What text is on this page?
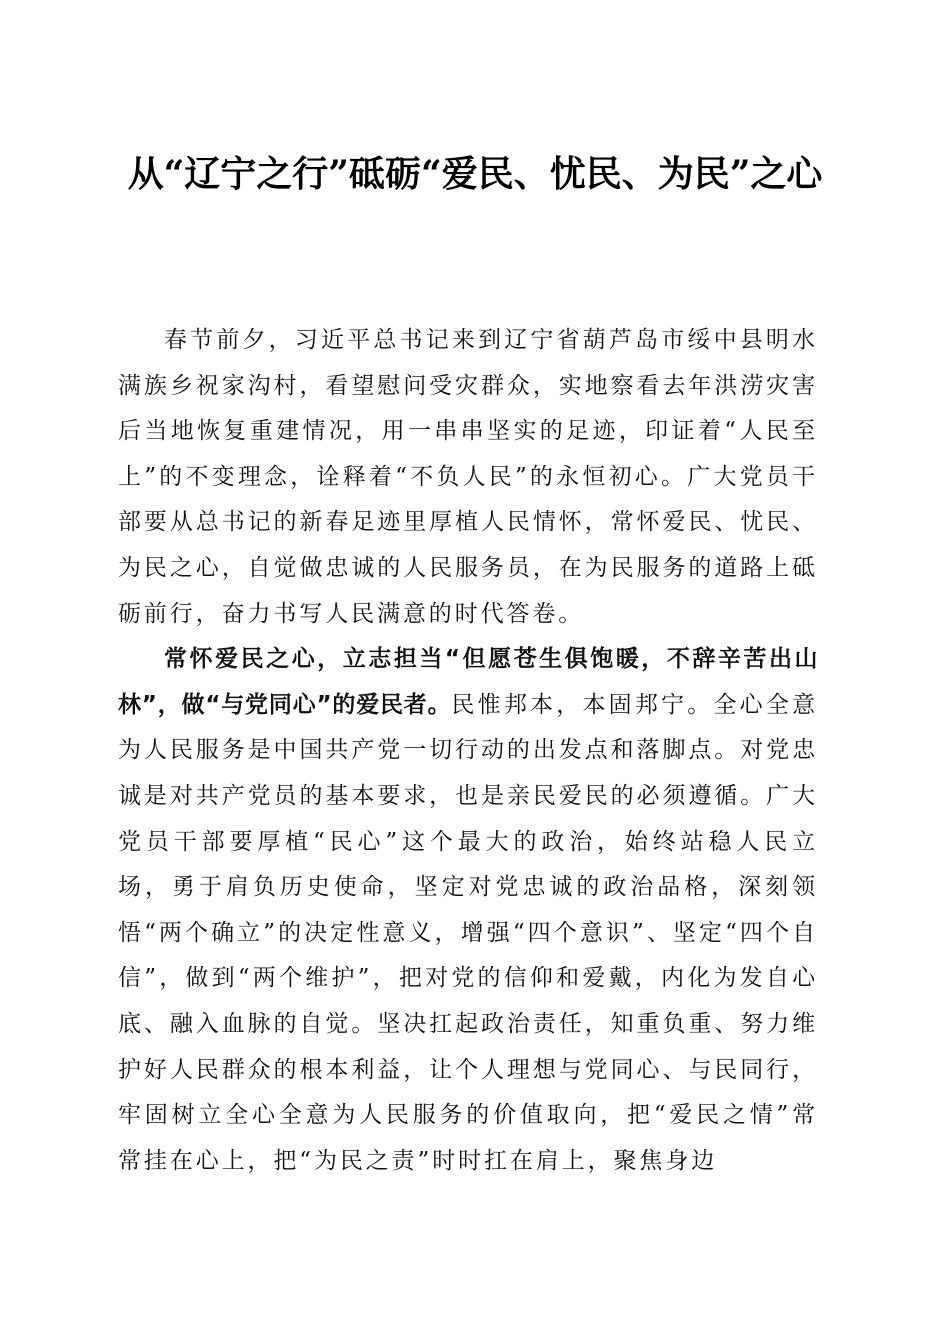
从“辽宁之行”砥砺“爱民、忧民、为民”之心

春节前夕，习近平总书记来到辽宁省葫芦岛市绥中县明水满族乡祝家沟村，看望慰问受灾群众，实地察看去年洪涝灾害后当地恢复重建情况，用一串串坚实的足迹，印证着“人民至上”的不变理念，诠释着“不负人民”的永恒初心。广大党员干部要从总书记的新春足迹里厚植人民情怀，常怀爱民、忧民、为民之心，自觉做忠诚的人民服务员，在为民服务的道路上砥砺前行，奋力书写人民满意的时代答卷。

常怀爱民之心，立志担当“但愿苍生俱饱暖，不辞辛苦出山林”，做“与党同心”的爱民者。民惟邦本，本固邦宁。全心全意为人民服务是中国共产党一切行动的出发点和落脚点。对党忠诚是对共产党员的基本要求，也是亲民爱民的必须遵循。广大党员干部要厚植“民心”这个最大的政治，始终站稳人民立场，勇于肩负历史使命，坚定对党忠诚的政治品格，深刻领悟“两个确立”的决定性意义，增强“四个意识”、坚定“四个自信”，做到“两个维护”，把对党的信仰和爱戴，内化为发自心底、融入血脉的自觉。坚决扛起政治责任，知重负重、努力维护好人民群众的根本利益，让个人理想与党同心、与民同行，牢固树立全心全意为人民服务的价值取向，把“爱民之情”常常挂在心上，把“为民之责”时时扛在肩上，聚焦身边
